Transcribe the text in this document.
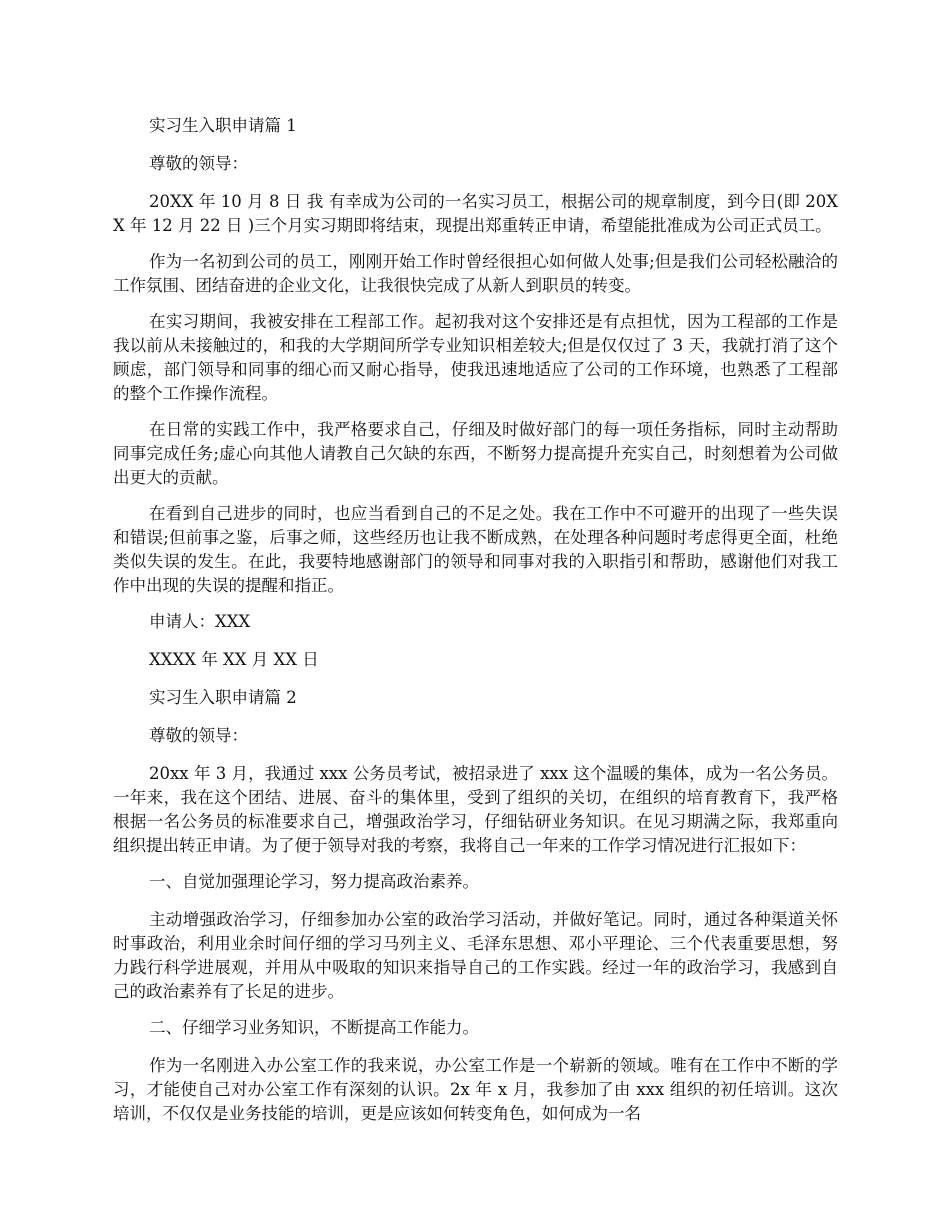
实习生入职申请篇 1

尊敬的领导：

20XX 年 10 月 8 日 我 有幸成为公司的一名实习员工，根据公司的规章制度，到今日(即 20XX 年 12 月 22 日 )三个月实习期即将结束，现提出郑重转正申请，希望能批准成为公司正式员工。

作为一名初到公司的员工，刚刚开始工作时曾经很担心如何做人处事;但是我们公司轻松融洽的工作氛围、团结奋进的企业文化，让我很快完成了从新人到职员的转变。

在实习期间，我被安排在工程部工作。起初我对这个安排还是有点担忧，因为工程部的工作是我以前从未接触过的，和我的大学期间所学专业知识相差较大;但是仅仅过了 3 天，我就打消了这个顾虑，部门领导和同事的细心而又耐心指导，使我迅速地适应了公司的工作环境，也熟悉了工程部的整个工作操作流程。

在日常的实践工作中，我严格要求自己，仔细及时做好部门的每一项任务指标，同时主动帮助同事完成任务;虚心向其他人请教自己欠缺的东西，不断努力提高提升充实自己，时刻想着为公司做出更大的贡献。

在看到自己进步的同时，也应当看到自己的不足之处。我在工作中不可避开的出现了一些失误和错误;但前事之鉴，后事之师，这些经历也让我不断成熟，在处理各种问题时考虑得更全面，杜绝类似失误的发生。在此，我要特地感谢部门的领导和同事对我的入职指引和帮助，感谢他们对我工作中出现的失误的提醒和指正。

申请人：XXX

XXXX 年 XX 月 XX 日

实习生入职申请篇 2

尊敬的领导：

20xx 年 3 月，我通过 xxx 公务员考试，被招录进了 xxx 这个温暖的集体，成为一名公务员。一年来，我在这个团结、进展、奋斗的集体里，受到了组织的关切，在组织的培育教育下，我严格根据一名公务员的标准要求自己，增强政治学习，仔细钻研业务知识。在见习期满之际，我郑重向组织提出转正申请。为了便于领导对我的考察，我将自己一年来的工作学习情况进行汇报如下：

一、自觉加强理论学习，努力提高政治素养。

主动增强政治学习，仔细参加办公室的政治学习活动，并做好笔记。同时，通过各种渠道关怀时事政治，利用业余时间仔细的学习马列主义、毛泽东思想、邓小平理论、三个代表重要思想，努力践行科学进展观，并用从中吸取的知识来指导自己的工作实践。经过一年的政治学习，我感到自己的政治素养有了长足的进步。

二、仔细学习业务知识，不断提高工作能力。

作为一名刚进入办公室工作的我来说，办公室工作是一个崭新的领域。唯有在工作中不断的学习，才能使自己对办公室工作有深刻的认识。2x 年 x 月，我参加了由 xxx 组织的初任培训。这次培训，不仅仅是业务技能的培训，更是应该如何转变角色，如何成为一名
